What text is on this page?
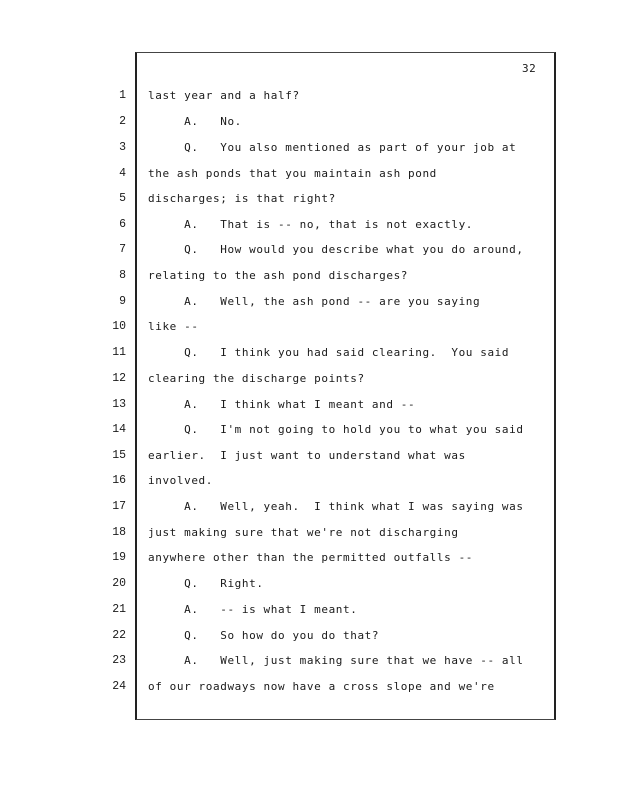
32
1 last year and a half?
2 A.   No.
3 Q.   You also mentioned as part of your job at
4 the ash ponds that you maintain ash pond
5 discharges; is that right?
6 A.   That is -- no, that is not exactly.
7 Q.   How would you describe what you do around,
8 relating to the ash pond discharges?
9 A.   Well, the ash pond -- are you saying
10 like --
11 Q.   I think you had said clearing.  You said
12 clearing the discharge points?
13 A.   I think what I meant and --
14 Q.   I'm not going to hold you to what you said
15 earlier.  I just want to understand what was
16 involved.
17 A.   Well, yeah.  I think what I was saying was
18 just making sure that we're not discharging
19 anywhere other than the permitted outfalls --
20 Q.   Right.
21 A.   -- is what I meant.
22 Q.   So how do you do that?
23 A.   Well, just making sure that we have -- all
24 of our roadways now have a cross slope and we're
